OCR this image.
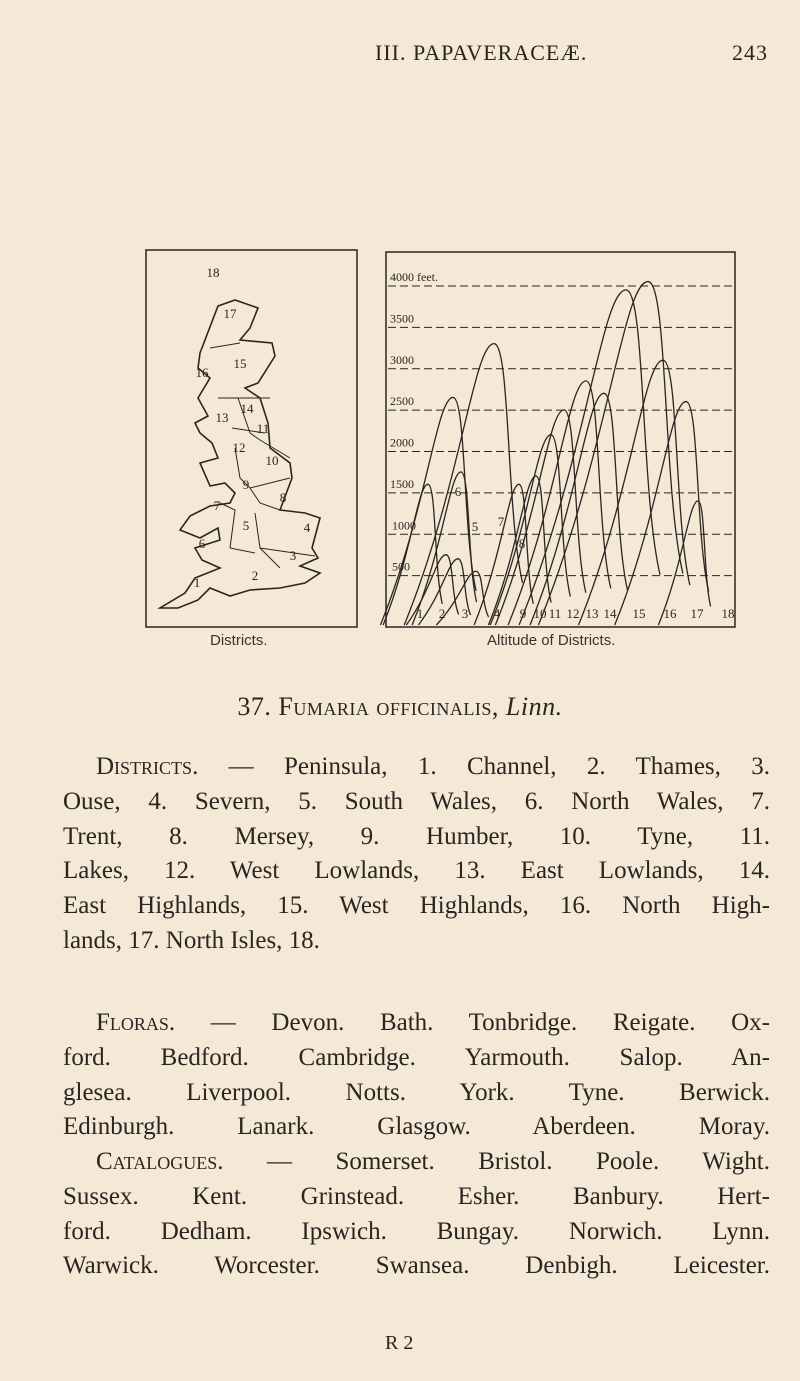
III. PAPAVERACEÆ.	243
1	2
3
4
5
6
7
8
9
10
11
12
13
14
15
16
17
18
Districts.
500
1000
1500
2000
2500
3000
3500
4000 feet.
1 2 3 4
5
6
7
8
9 10 11 12 13 14 15 16 17 18
Altitude of Districts.
37. Fumaria officinalis, Linn.
Districts. — Peninsula, 1. Channel, 2. Thames, 3.
Ouse, 4. Severn, 5. South Wales, 6. North Wales, 7.
Trent, 8. Mersey, 9. Humber, 10. Tyne, 11.
Lakes, 12. West Lowlands, 13. East Lowlands, 14.
East Highlands, 15. West Highlands, 16. North High-
lands, 17. North Isles, 18.
Floras. — Devon. Bath. Tonbridge. Reigate. Ox-
ford. Bedford. Cambridge. Yarmouth. Salop. An-
glesea. Liverpool. Notts. York. Tyne. Berwick.
Edinburgh. Lanark. Glasgow. Aberdeen. Moray.
Catalogues. — Somerset. Bristol. Poole. Wight.
Sussex. Kent. Grinstead. Esher. Banbury. Hert-
ford. Dedham. Ipswich. Bungay. Norwich. Lynn.
Warwick. Worcester. Swansea. Denbigh. Leicester.
R 2
